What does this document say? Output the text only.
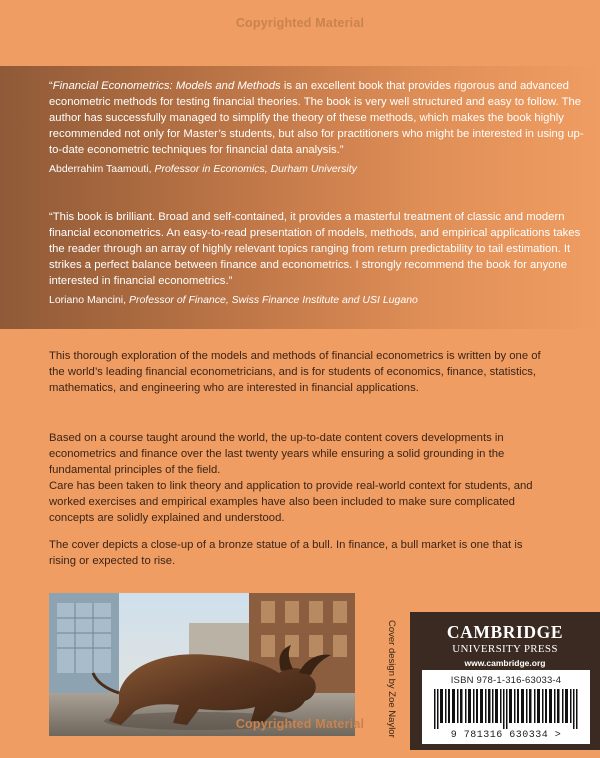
Copyrighted Material

“Financial Econometrics: Models and Methods is an excellent book that provides rigorous and advanced econometric methods for testing financial theories. The book is very well structured and easy to follow. The author has successfully managed to simplify the theory of these methods, which makes the book highly recommended not only for Master’s students, but also for practitioners who might be interested in using up-to-date econometric techniques for financial data analysis.”

Abderrahim Taamouti, Professor in Economics, Durham University

“This book is brilliant. Broad and self-contained, it provides a masterful treatment of classic and modern financial econometrics. An easy-to-read presentation of models, methods, and empirical applications takes the reader through an array of highly relevant topics ranging from return predictability to tail estimation. It strikes a perfect balance between finance and econometrics. I strongly recommend the book for anyone interested in financial econometrics.”

Loriano Mancini, Professor of Finance, Swiss Finance Institute and USI Lugano

This thorough exploration of the models and methods of financial econometrics is written by one of the world’s leading financial econometricians, and is for students of economics, finance, statistics, mathematics, and engineering who are interested in financial applications.

Based on a course taught around the world, the up-to-date content covers developments in econometrics and finance over the last twenty years while ensuring a solid grounding in the fundamental principles of the field.

Care has been taken to link theory and application to provide real-world context for students, and worked exercises and empirical examples have also been included to make sure complicated concepts are solidly explained and understood.

The cover depicts a close-up of a bronze statue of a bull. In finance, a bull market is one that is rising or expected to rise.

Cover design by Zoe Naylor	CAMBRIDGE
UNIVERSITY PRESS
www.cambridge.org
ISBN 978-1-316-63033-4
9 781316 630334 >
Copyrighted Material
